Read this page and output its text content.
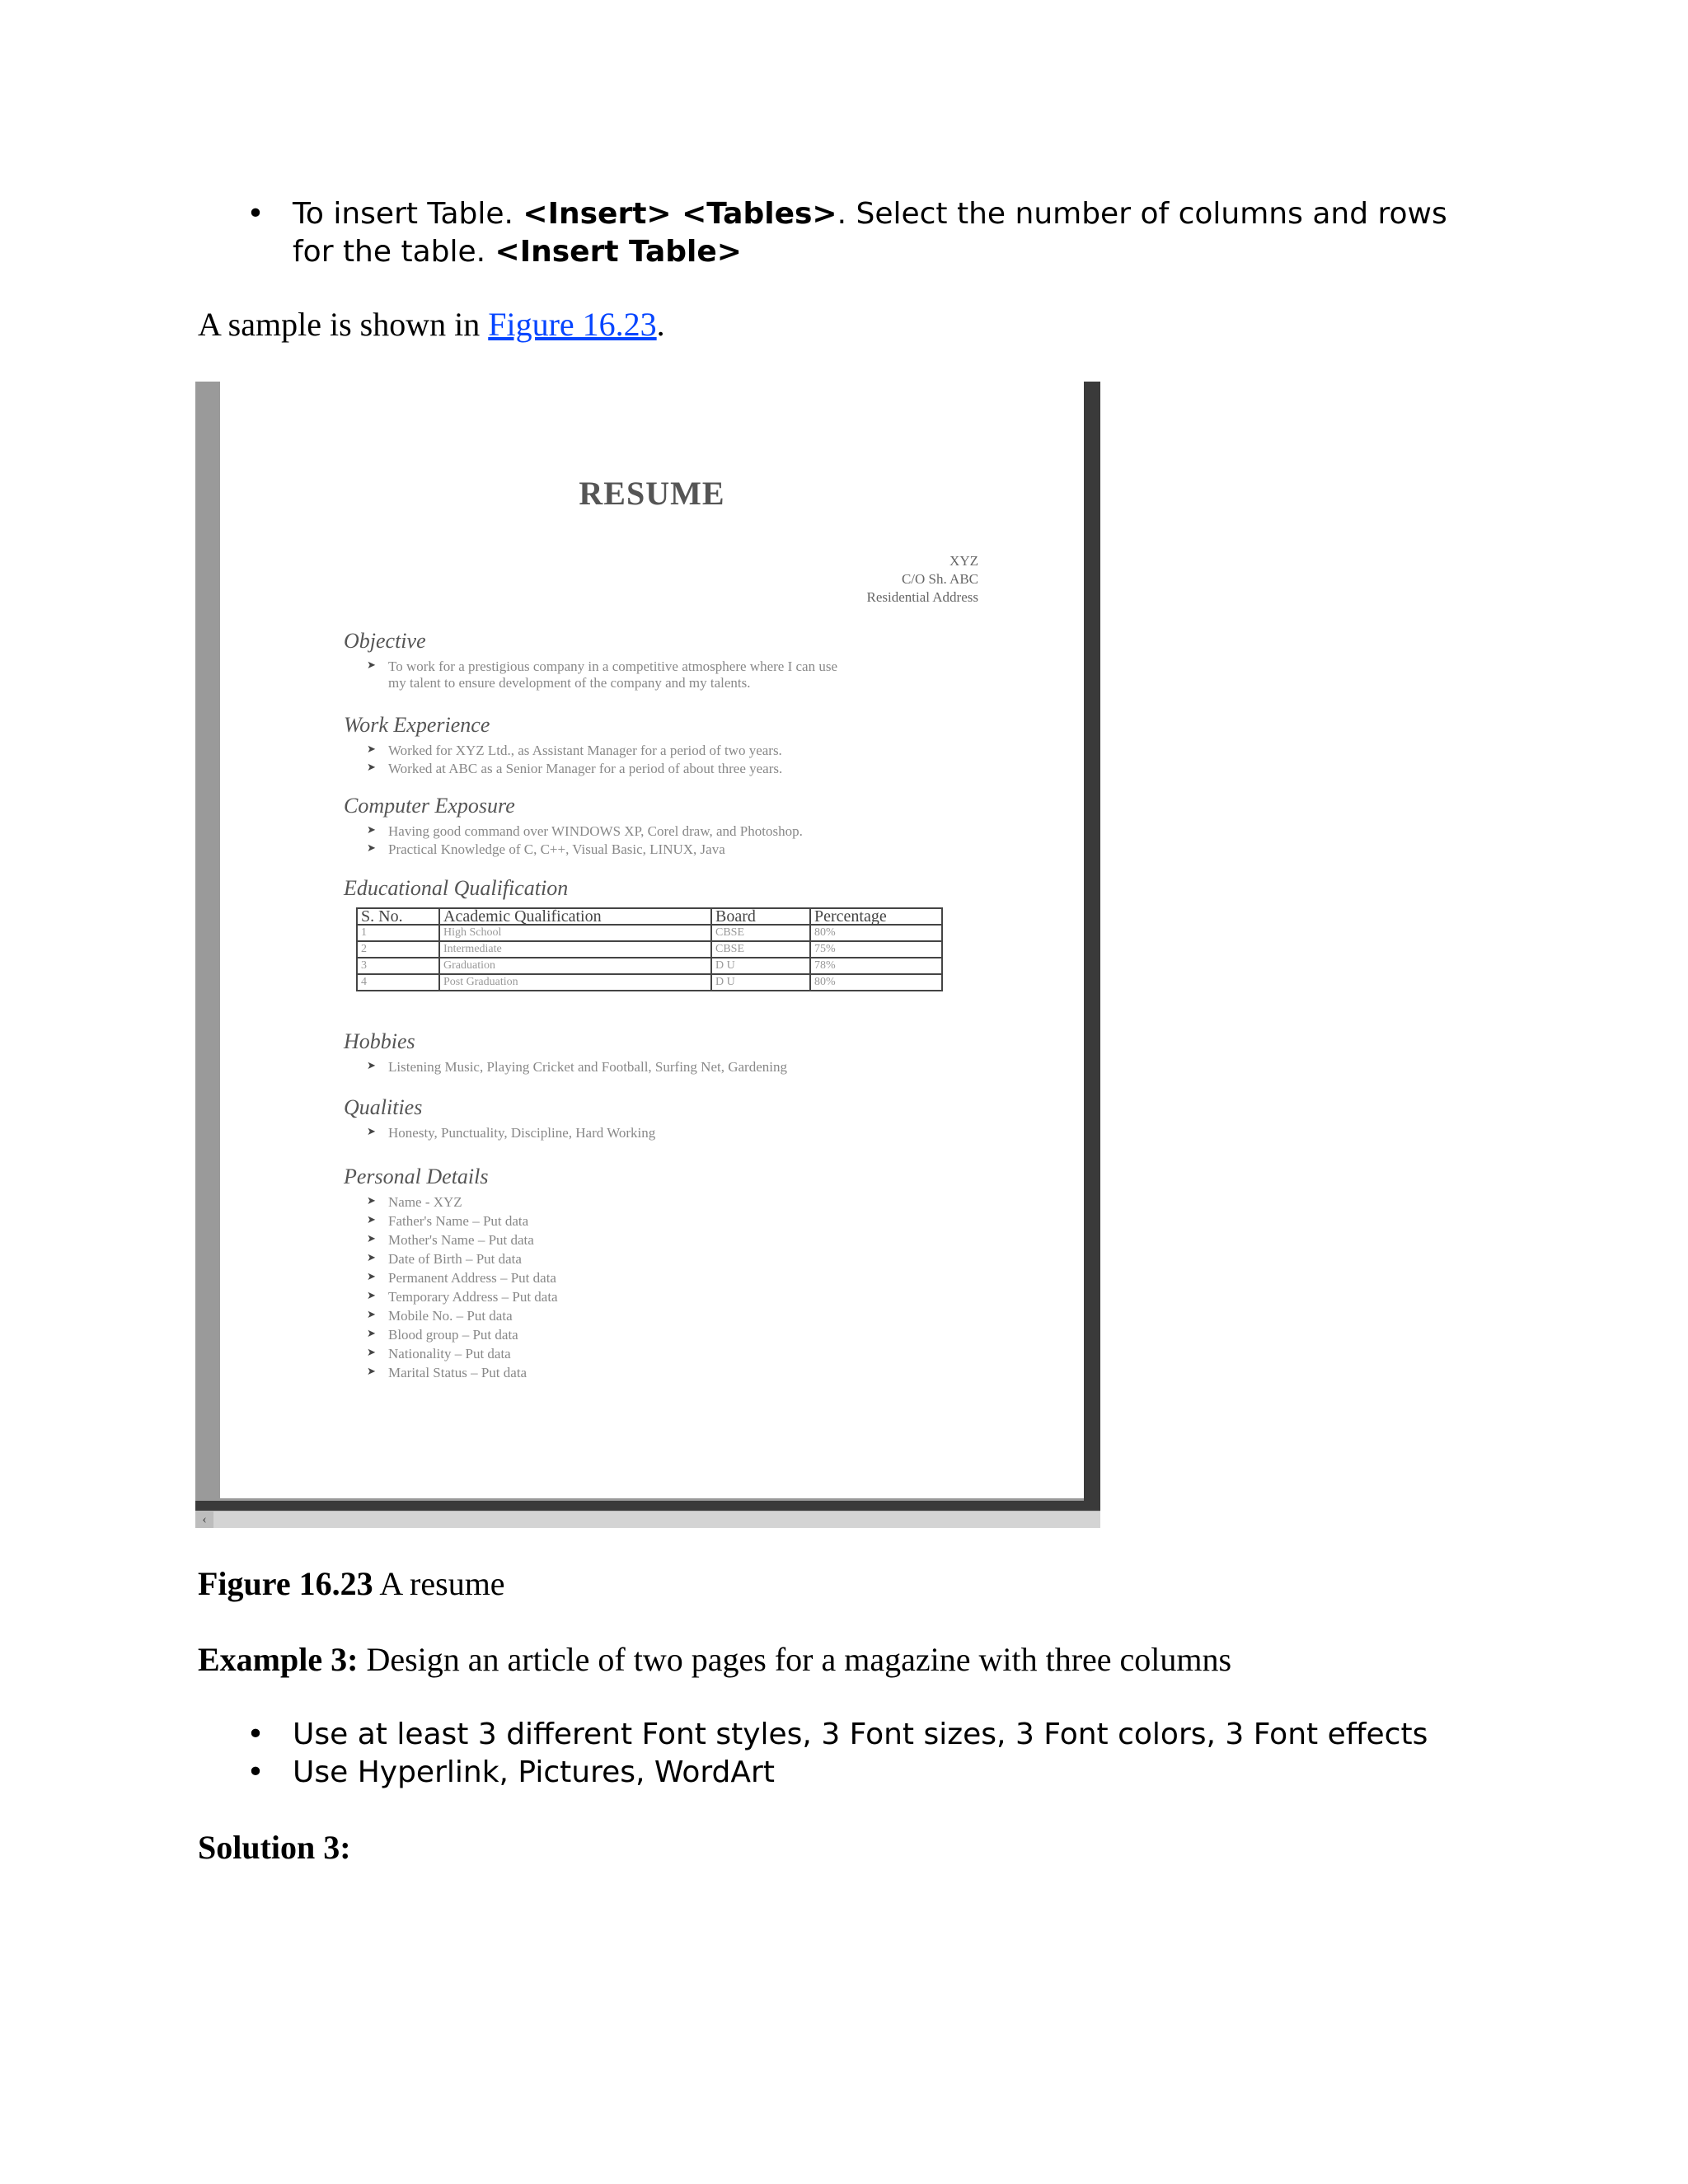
• To insert Table. <Insert> <Tables>. Select the number of columns and rows for the table. <Insert Table>
A sample is shown in Figure 16.23.
RESUME
XYZ
C/O Sh. ABC
Residential Address
Objective
➤ To work for a prestigious company in a competitive atmosphere where I can use
my talent to ensure development of the company and my talents.
Work Experience
➤ Worked for XYZ Ltd., as Assistant Manager for a period of two years.
➤ Worked at ABC as a Senior Manager for a period of about three years.
Computer Exposure
➤ Having good command over WINDOWS XP, Corel draw, and Photoshop.
➤ Practical Knowledge of C, C++, Visual Basic, LINUX, Java
Educational Qualification
S. No.	Academic Qualification	Board	Percentage
1	High School	CBSE	80%
2	Intermediate	CBSE	75%
3	Graduation	D U	78%
4	Post Graduation	D U	80%
Hobbies
➤ Listening Music, Playing Cricket and Football, Surfing Net, Gardening
Qualities
➤ Honesty, Punctuality, Discipline, Hard Working
Personal Details
➤ Name - XYZ
➤ Father's Name – Put data
➤ Mother's Name – Put data
➤ Date of Birth – Put data
➤ Permanent Address – Put data
➤ Temporary Address – Put data
➤ Mobile No. – Put data
➤ Blood group – Put data
➤ Nationality – Put data
➤ Marital Status – Put data
‹
Figure 16.23 A resume
Example 3: Design an article of two pages for a magazine with three columns
• Use at least 3 different Font styles, 3 Font sizes, 3 Font colors, 3 Font effects
• Use Hyperlink, Pictures, WordArt
Solution 3:
